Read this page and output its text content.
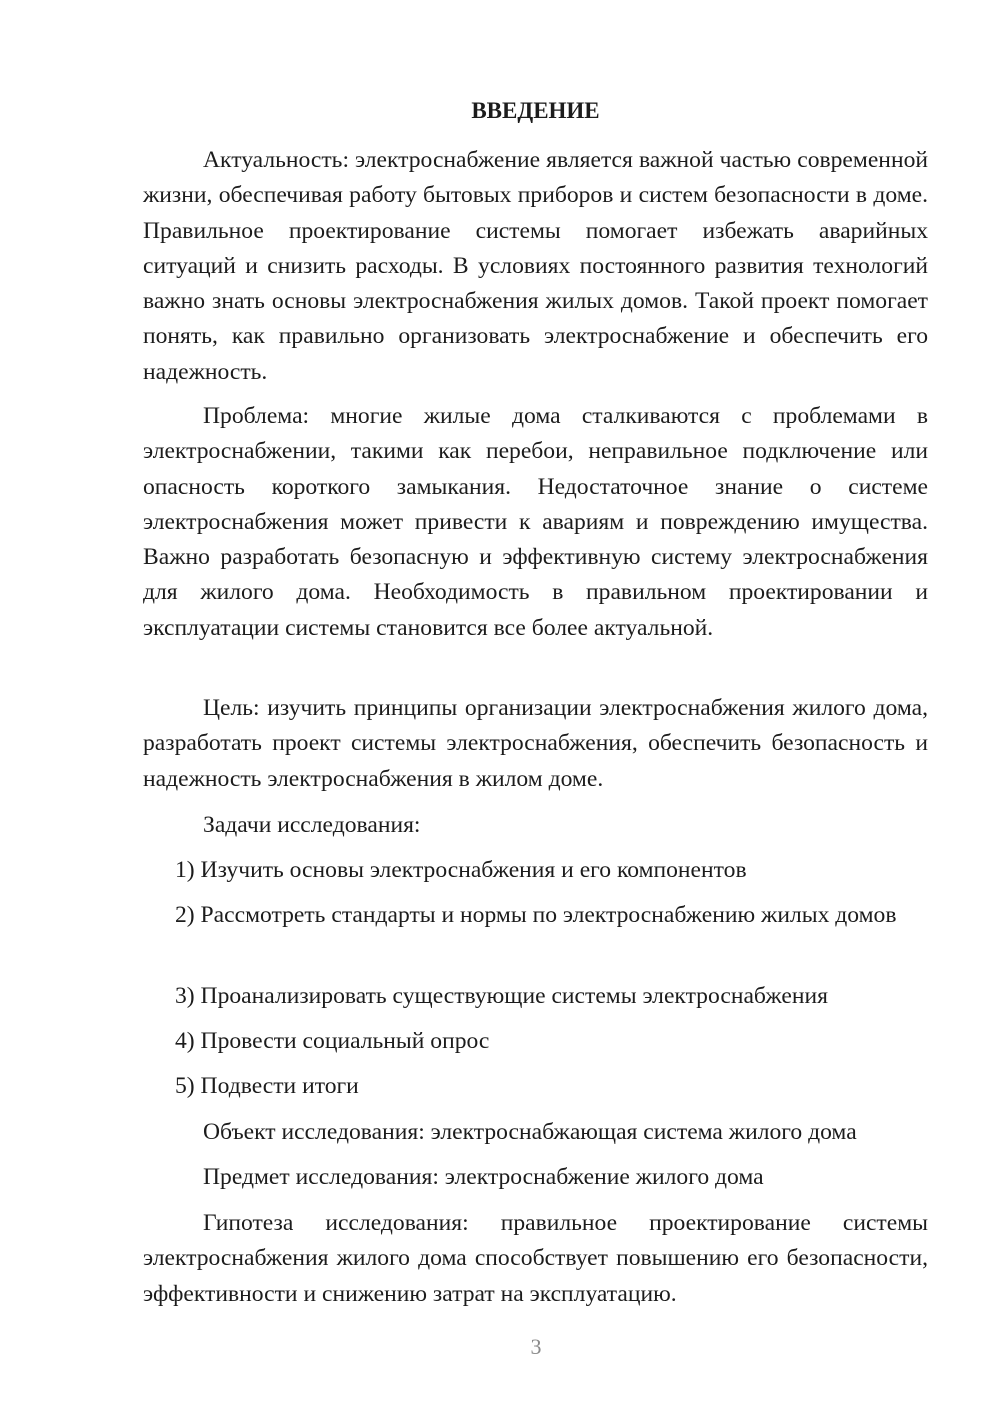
ВВЕДЕНИЕ

Актуальность: электроснабжение является важной частью современной жизни, обеспечивая работу бытовых приборов и систем безопасности в доме. Правильное проектирование системы помогает избежать аварийных ситуаций и снизить расходы. В условиях постоянного развития технологий важно знать основы электроснабжения жилых домов. Такой проект помогает понять, как правильно организовать электроснабжение и обеспечить его надежность.

Проблема: многие жилые дома сталкиваются с проблемами в электроснабжении, такими как перебои, неправильное подключение или опасность короткого замыкания. Недостаточное знание о системе электроснабжения может привести к авариям и повреждению имущества. Важно разработать безопасную и эффективную систему электроснабжения для жилого дома. Необходимость в правильном проектировании и эксплуатации системы становится все более актуальной.

Цель: изучить принципы организации электроснабжения жилого дома, разработать проект системы электроснабжения, обеспечить безопасность и надежность электроснабжения в жилом доме.

Задачи исследования:

1) Изучить основы электроснабжения и его компонентов

2) Рассмотреть стандарты и нормы по электроснабжению жилых домов

3) Проанализировать существующие системы электроснабжения

4) Провести социальный опрос

5) Подвести итоги

Объект исследования: электроснабжающая система жилого дома

Предмет исследования: электроснабжение жилого дома

Гипотеза исследования: правильное проектирование системы электроснабжения жилого дома способствует повышению его безопасности, эффективности и снижению затрат на эксплуатацию.

3
